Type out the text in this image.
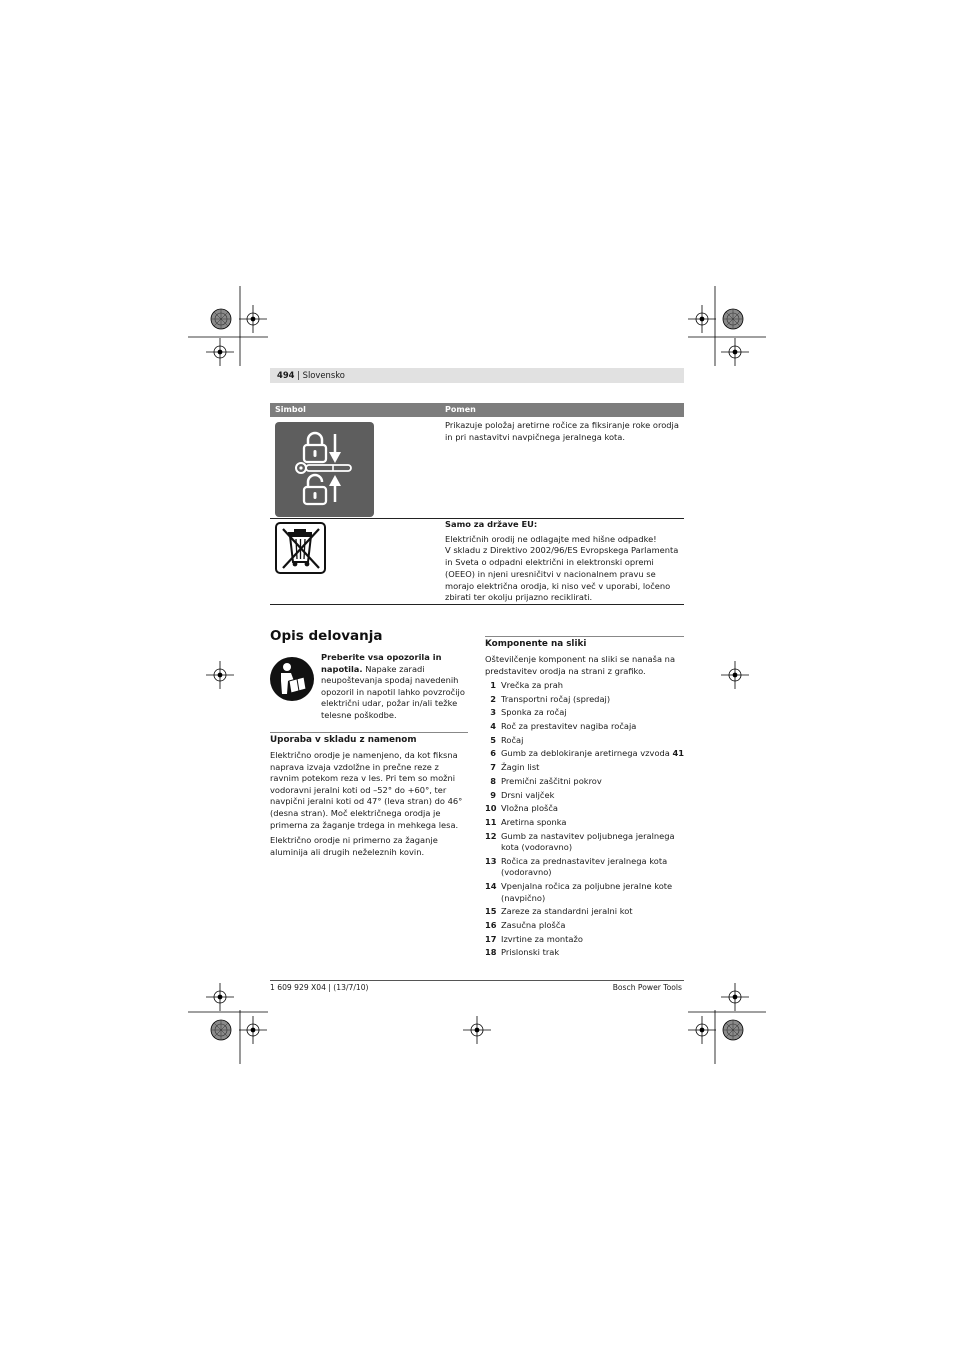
494 | Slovensko
Simbol	Pomen

Prikazuje položaj aretirne ročice za fiksiranje roke orodja in pri nastavitvi navpičnega jeralnega kota.

Samo za države EU:

Električnih orodij ne odlagajte med hišne odpadke!

V skladu z Direktivo 2002/96/ES Evropskega Parlamenta in Sveta o odpadni električni in elektronski opremi (OEEO) in njeni uresničitvi v nacionalnem pravu se morajo električna orodja, ki niso več v uporabi, ločeno zbirati ter okolju prijazno reciklirati.

Opis delovanja
Preberite vsa opozorila in napotila. Napake zaradi neupoštevanja spodaj navedenih opozoril in napotil lahko povzročijo električni udar, požar in/ali težke telesne poškodbe.
Uporaba v skladu z namenom

Električno orodje je namenjeno, da kot fiksna naprava izvaja vzdolžne in prečne reze z ravnim potekom reza v les. Pri tem so možni vodoravni jeralni koti od –52° do +60°, ter navpični jeralni koti od 47° (leva stran) do 46° (desna stran). Moč električnega orodja je primerna za žaganje trdega in mehkega lesa.

Električno orodje ni primerno za žaganje aluminija ali drugih neželeznih kovin.

Komponente na sliki
Oštevilčenje komponent na sliki se nanaša na predstavitev orodja na strani z grafiko.
1 Vrečka za prah
2 Transportni ročaj (spredaj)
3 Sponka za ročaj
4 Roč za prestavitev nagiba ročaja
5 Ročaj
6 Gumb za deblokiranje aretirnega vzvoda 41
7 Žagin list
8 Premični zaščitni pokrov
9 Drsni valjček
10 Vložna plošča
11 Aretirna sponka
12 Gumb za nastavitev poljubnega jeralnega kota (vodoravno)
13 Ročica za prednastavitev jeralnega kota (vodoravno)
14 Vpenjalna ročica za poljubne jeralne kote (navpično)
15 Zareze za standardni jeralni kot
16 Zasučna plošča
17 Izvrtine za montažo
18 Prislonski trak
1 609 929 X04 | (13/7/10)	Bosch Power Tools
